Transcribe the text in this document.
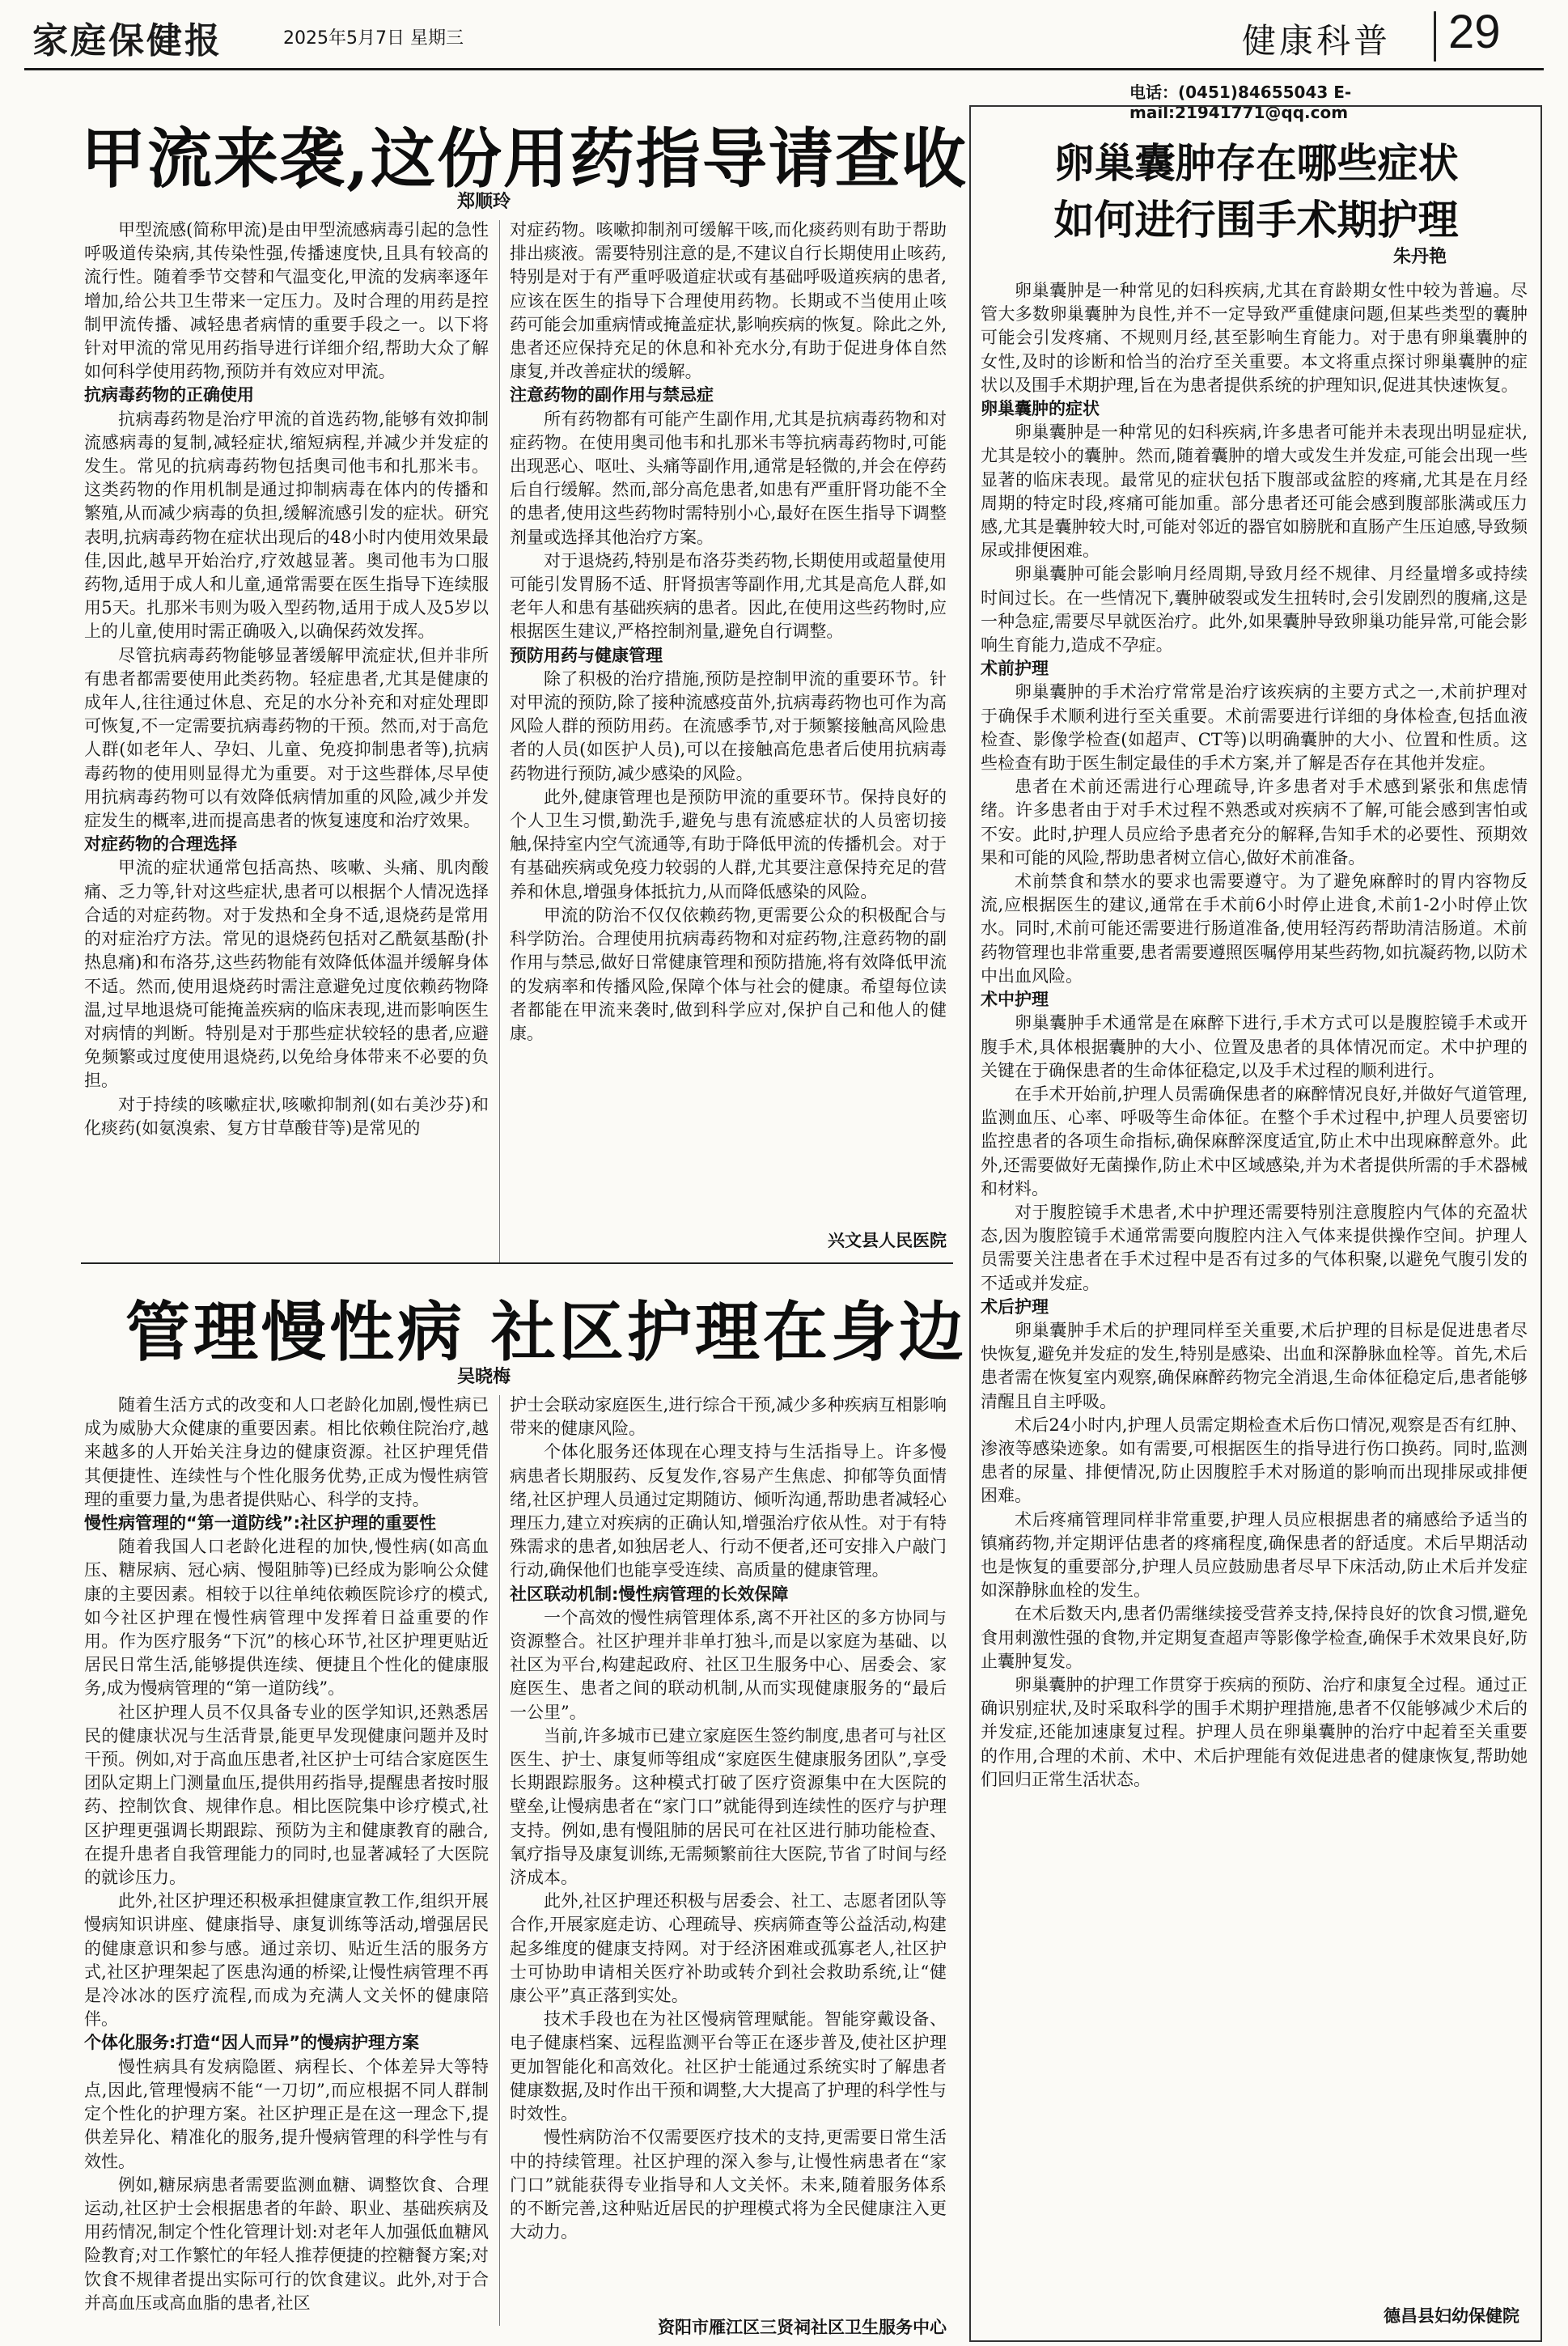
家庭保健报	2025年5月7日 星期三	健康科普 29
电话：(0451)84655043 E-mail:21941771@qq.com
甲流来袭,这份用药指导请查收
郑顺玲

甲型流感(简称甲流)是由甲型流感病毒引起的急性呼吸道传染病,其传染性强,传播速度快,且具有较高的流行性。随着季节交替和气温变化,甲流的发病率逐年增加,给公共卫生带来一定压力。及时合理的用药是控制甲流传播、减轻患者病情的重要手段之一。以下将针对甲流的常见用药指导进行详细介绍,帮助大众了解如何科学使用药物,预防并有效应对甲流。

抗病毒药物的正确使用

抗病毒药物是治疗甲流的首选药物,能够有效抑制流感病毒的复制,减轻症状,缩短病程,并减少并发症的发生。常见的抗病毒药物包括奥司他韦和扎那米韦。这类药物的作用机制是通过抑制病毒在体内的传播和繁殖,从而减少病毒的负担,缓解流感引发的症状。研究表明,抗病毒药物在症状出现后的48小时内使用效果最佳,因此,越早开始治疗,疗效越显著。奥司他韦为口服药物,适用于成人和儿童,通常需要在医生指导下连续服用5天。扎那米韦则为吸入型药物,适用于成人及5岁以上的儿童,使用时需正确吸入,以确保药效发挥。

尽管抗病毒药物能够显著缓解甲流症状,但并非所有患者都需要使用此类药物。轻症患者,尤其是健康的成年人,往往通过休息、充足的水分补充和对症处理即可恢复,不一定需要抗病毒药物的干预。然而,对于高危人群(如老年人、孕妇、儿童、免疫抑制患者等),抗病毒药物的使用则显得尤为重要。对于这些群体,尽早使用抗病毒药物可以有效降低病情加重的风险,减少并发症发生的概率,进而提高患者的恢复速度和治疗效果。

对症药物的合理选择

甲流的症状通常包括高热、咳嗽、头痛、肌肉酸痛、乏力等,针对这些症状,患者可以根据个人情况选择合适的对症药物。对于发热和全身不适,退烧药是常用的对症治疗方法。常见的退烧药包括对乙酰氨基酚(扑热息痛)和布洛芬,这些药物能有效降低体温并缓解身体不适。然而,使用退烧药时需注意避免过度依赖药物降温,过早地退烧可能掩盖疾病的临床表现,进而影响医生对病情的判断。特别是对于那些症状较轻的患者,应避免频繁或过度使用退烧药,以免给身体带来不必要的负担。

对于持续的咳嗽症状,咳嗽抑制剂(如右美沙芬)和化痰药(如氨溴索、复方甘草酸苷等)是常见的

对症药物。咳嗽抑制剂可缓解干咳,而化痰药则有助于帮助排出痰液。需要特别注意的是,不建议自行长期使用止咳药,特别是对于有严重呼吸道症状或有基础呼吸道疾病的患者,应该在医生的指导下合理使用药物。长期或不当使用止咳药可能会加重病情或掩盖症状,影响疾病的恢复。除此之外,患者还应保持充足的休息和补充水分,有助于促进身体自然康复,并改善症状的缓解。

注意药物的副作用与禁忌症

所有药物都有可能产生副作用,尤其是抗病毒药物和对症药物。在使用奥司他韦和扎那米韦等抗病毒药物时,可能出现恶心、呕吐、头痛等副作用,通常是轻微的,并会在停药后自行缓解。然而,部分高危患者,如患有严重肝肾功能不全的患者,使用这些药物时需特别小心,最好在医生指导下调整剂量或选择其他治疗方案。

对于退烧药,特别是布洛芬类药物,长期使用或超量使用可能引发胃肠不适、肝肾损害等副作用,尤其是高危人群,如老年人和患有基础疾病的患者。因此,在使用这些药物时,应根据医生建议,严格控制剂量,避免自行调整。

预防用药与健康管理

除了积极的治疗措施,预防是控制甲流的重要环节。针对甲流的预防,除了接种流感疫苗外,抗病毒药物也可作为高风险人群的预防用药。在流感季节,对于频繁接触高风险患者的人员(如医护人员),可以在接触高危患者后使用抗病毒药物进行预防,减少感染的风险。

此外,健康管理也是预防甲流的重要环节。保持良好的个人卫生习惯,勤洗手,避免与患有流感症状的人员密切接触,保持室内空气流通等,有助于降低甲流的传播机会。对于有基础疾病或免疫力较弱的人群,尤其要注意保持充足的营养和休息,增强身体抵抗力,从而降低感染的风险。

甲流的防治不仅仅依赖药物,更需要公众的积极配合与科学防治。合理使用抗病毒药物和对症药物,注意药物的副作用与禁忌,做好日常健康管理和预防措施,将有效降低甲流的发病率和传播风险,保障个体与社会的健康。希望每位读者都能在甲流来袭时,做到科学应对,保护自己和他人的健康。

兴文县人民医院
管理慢性病 社区护理在身边
吴晓梅

随着生活方式的改变和人口老龄化加剧,慢性病已成为威胁大众健康的重要因素。相比依赖住院治疗,越来越多的人开始关注身边的健康资源。社区护理凭借其便捷性、连续性与个性化服务优势,正成为慢性病管理的重要力量,为患者提供贴心、科学的支持。

慢性病管理的“第一道防线”:社区护理的重要性

随着我国人口老龄化进程的加快,慢性病(如高血压、糖尿病、冠心病、慢阻肺等)已经成为影响公众健康的主要因素。相较于以往单纯依赖医院诊疗的模式,如今社区护理在慢性病管理中发挥着日益重要的作用。作为医疗服务“下沉”的核心环节,社区护理更贴近居民日常生活,能够提供连续、便捷且个性化的健康服务,成为慢病管理的“第一道防线”。

社区护理人员不仅具备专业的医学知识,还熟悉居民的健康状况与生活背景,能更早发现健康问题并及时干预。例如,对于高血压患者,社区护士可结合家庭医生团队定期上门测量血压,提供用药指导,提醒患者按时服药、控制饮食、规律作息。相比医院集中诊疗模式,社区护理更强调长期跟踪、预防为主和健康教育的融合,在提升患者自我管理能力的同时,也显著减轻了大医院的就诊压力。

此外,社区护理还积极承担健康宣教工作,组织开展慢病知识讲座、健康指导、康复训练等活动,增强居民的健康意识和参与感。通过亲切、贴近生活的服务方式,社区护理架起了医患沟通的桥梁,让慢性病管理不再是冷冰冰的医疗流程,而成为充满人文关怀的健康陪伴。

个体化服务:打造“因人而异”的慢病护理方案

慢性病具有发病隐匿、病程长、个体差异大等特点,因此,管理慢病不能“一刀切”,而应根据不同人群制定个性化的护理方案。社区护理正是在这一理念下,提供差异化、精准化的服务,提升慢病管理的科学性与有效性。

例如,糖尿病患者需要监测血糖、调整饮食、合理运动,社区护士会根据患者的年龄、职业、基础疾病及用药情况,制定个性化管理计划:对老年人加强低血糖风险教育;对工作繁忙的年轻人推荐便捷的控糖餐方案;对饮食不规律者提出实际可行的饮食建议。此外,对于合并高血压或高血脂的患者,社区

护士会联动家庭医生,进行综合干预,减少多种疾病互相影响带来的健康风险。

个体化服务还体现在心理支持与生活指导上。许多慢病患者长期服药、反复发作,容易产生焦虑、抑郁等负面情绪,社区护理人员通过定期随访、倾听沟通,帮助患者减轻心理压力,建立对疾病的正确认知,增强治疗依从性。对于有特殊需求的患者,如独居老人、行动不便者,还可安排入户敲门行动,确保他们也能享受连续、高质量的健康管理。

社区联动机制:慢性病管理的长效保障

一个高效的慢性病管理体系,离不开社区的多方协同与资源整合。社区护理并非单打独斗,而是以家庭为基础、以社区为平台,构建起政府、社区卫生服务中心、居委会、家庭医生、患者之间的联动机制,从而实现健康服务的“最后一公里”。

当前,许多城市已建立家庭医生签约制度,患者可与社区医生、护士、康复师等组成“家庭医生健康服务团队”,享受长期跟踪服务。这种模式打破了医疗资源集中在大医院的壁垒,让慢病患者在“家门口”就能得到连续性的医疗与护理支持。例如,患有慢阻肺的居民可在社区进行肺功能检查、氧疗指导及康复训练,无需频繁前往大医院,节省了时间与经济成本。

此外,社区护理还积极与居委会、社工、志愿者团队等合作,开展家庭走访、心理疏导、疾病筛查等公益活动,构建起多维度的健康支持网。对于经济困难或孤寡老人,社区护士可协助申请相关医疗补助或转介到社会救助系统,让“健康公平”真正落到实处。

技术手段也在为社区慢病管理赋能。智能穿戴设备、电子健康档案、远程监测平台等正在逐步普及,使社区护理更加智能化和高效化。社区护士能通过系统实时了解患者健康数据,及时作出干预和调整,大大提高了护理的科学性与时效性。

慢性病防治不仅需要医疗技术的支持,更需要日常生活中的持续管理。社区护理的深入参与,让慢性病患者在“家门口”就能获得专业指导和人文关怀。未来,随着服务体系的不断完善,这种贴近居民的护理模式将为全民健康注入更大动力。

资阳市雁江区三贤祠社区卫生服务中心
卵巢囊肿存在哪些症状
如何进行围手术期护理
朱丹艳

卵巢囊肿是一种常见的妇科疾病,尤其在育龄期女性中较为普遍。尽管大多数卵巢囊肿为良性,并不一定导致严重健康问题,但某些类型的囊肿可能会引发疼痛、不规则月经,甚至影响生育能力。对于患有卵巢囊肿的女性,及时的诊断和恰当的治疗至关重要。本文将重点探讨卵巢囊肿的症状以及围手术期护理,旨在为患者提供系统的护理知识,促进其快速恢复。

卵巢囊肿的症状

卵巢囊肿是一种常见的妇科疾病,许多患者可能并未表现出明显症状,尤其是较小的囊肿。然而,随着囊肿的增大或发生并发症,可能会出现一些显著的临床表现。最常见的症状包括下腹部或盆腔的疼痛,尤其是在月经周期的特定时段,疼痛可能加重。部分患者还可能会感到腹部胀满或压力感,尤其是囊肿较大时,可能对邻近的器官如膀胱和直肠产生压迫感,导致频尿或排便困难。

卵巢囊肿可能会影响月经周期,导致月经不规律、月经量增多或持续时间过长。在一些情况下,囊肿破裂或发生扭转时,会引发剧烈的腹痛,这是一种急症,需要尽早就医治疗。此外,如果囊肿导致卵巢功能异常,可能会影响生育能力,造成不孕症。

术前护理

卵巢囊肿的手术治疗常常是治疗该疾病的主要方式之一,术前护理对于确保手术顺利进行至关重要。术前需要进行详细的身体检查,包括血液检查、影像学检查(如超声、CT等)以明确囊肿的大小、位置和性质。这些检查有助于医生制定最佳的手术方案,并了解是否存在其他并发症。

患者在术前还需进行心理疏导,许多患者对手术感到紧张和焦虑情绪。许多患者由于对手术过程不熟悉或对疾病不了解,可能会感到害怕或不安。此时,护理人员应给予患者充分的解释,告知手术的必要性、预期效果和可能的风险,帮助患者树立信心,做好术前准备。

术前禁食和禁水的要求也需要遵守。为了避免麻醉时的胃内容物反流,应根据医生的建议,通常在手术前6小时停止进食,术前1-2小时停止饮水。同时,术前可能还需要进行肠道准备,使用轻泻药帮助清洁肠道。术前药物管理也非常重要,患者需要遵照医嘱停用某些药物,如抗凝药物,以防术中出血风险。

术中护理

卵巢囊肿手术通常是在麻醉下进行,手术方式可以是腹腔镜手术或开腹手术,具体根据囊肿的大小、位置及患者的具体情况而定。术中护理的关键在于确保患者的生命体征稳定,以及手术过程的顺利进行。

在手术开始前,护理人员需确保患者的麻醉情况良好,并做好气道管理,监测血压、心率、呼吸等生命体征。在整个手术过程中,护理人员要密切监控患者的各项生命指标,确保麻醉深度适宜,防止术中出现麻醉意外。此外,还需要做好无菌操作,防止术中区域感染,并为术者提供所需的手术器械和材料。

对于腹腔镜手术患者,术中护理还需要特别注意腹腔内气体的充盈状态,因为腹腔镜手术通常需要向腹腔内注入气体来提供操作空间。护理人员需要关注患者在手术过程中是否有过多的气体积聚,以避免气腹引发的不适或并发症。

术后护理

卵巢囊肿手术后的护理同样至关重要,术后护理的目标是促进患者尽快恢复,避免并发症的发生,特别是感染、出血和深静脉血栓等。首先,术后患者需在恢复室内观察,确保麻醉药物完全消退,生命体征稳定后,患者能够清醒且自主呼吸。

术后24小时内,护理人员需定期检查术后伤口情况,观察是否有红肿、渗液等感染迹象。如有需要,可根据医生的指导进行伤口换药。同时,监测患者的尿量、排便情况,防止因腹腔手术对肠道的影响而出现排尿或排便困难。

术后疼痛管理同样非常重要,护理人员应根据患者的痛感给予适当的镇痛药物,并定期评估患者的疼痛程度,确保患者的舒适度。术后早期活动也是恢复的重要部分,护理人员应鼓励患者尽早下床活动,防止术后并发症如深静脉血栓的发生。

在术后数天内,患者仍需继续接受营养支持,保持良好的饮食习惯,避免食用刺激性强的食物,并定期复查超声等影像学检查,确保手术效果良好,防止囊肿复发。

卵巢囊肿的护理工作贯穿于疾病的预防、治疗和康复全过程。通过正确识别症状,及时采取科学的围手术期护理措施,患者不仅能够减少术后的并发症,还能加速康复过程。护理人员在卵巢囊肿的治疗中起着至关重要的作用,合理的术前、术中、术后护理能有效促进患者的健康恢复,帮助她们回归正常生活状态。

德昌县妇幼保健院
